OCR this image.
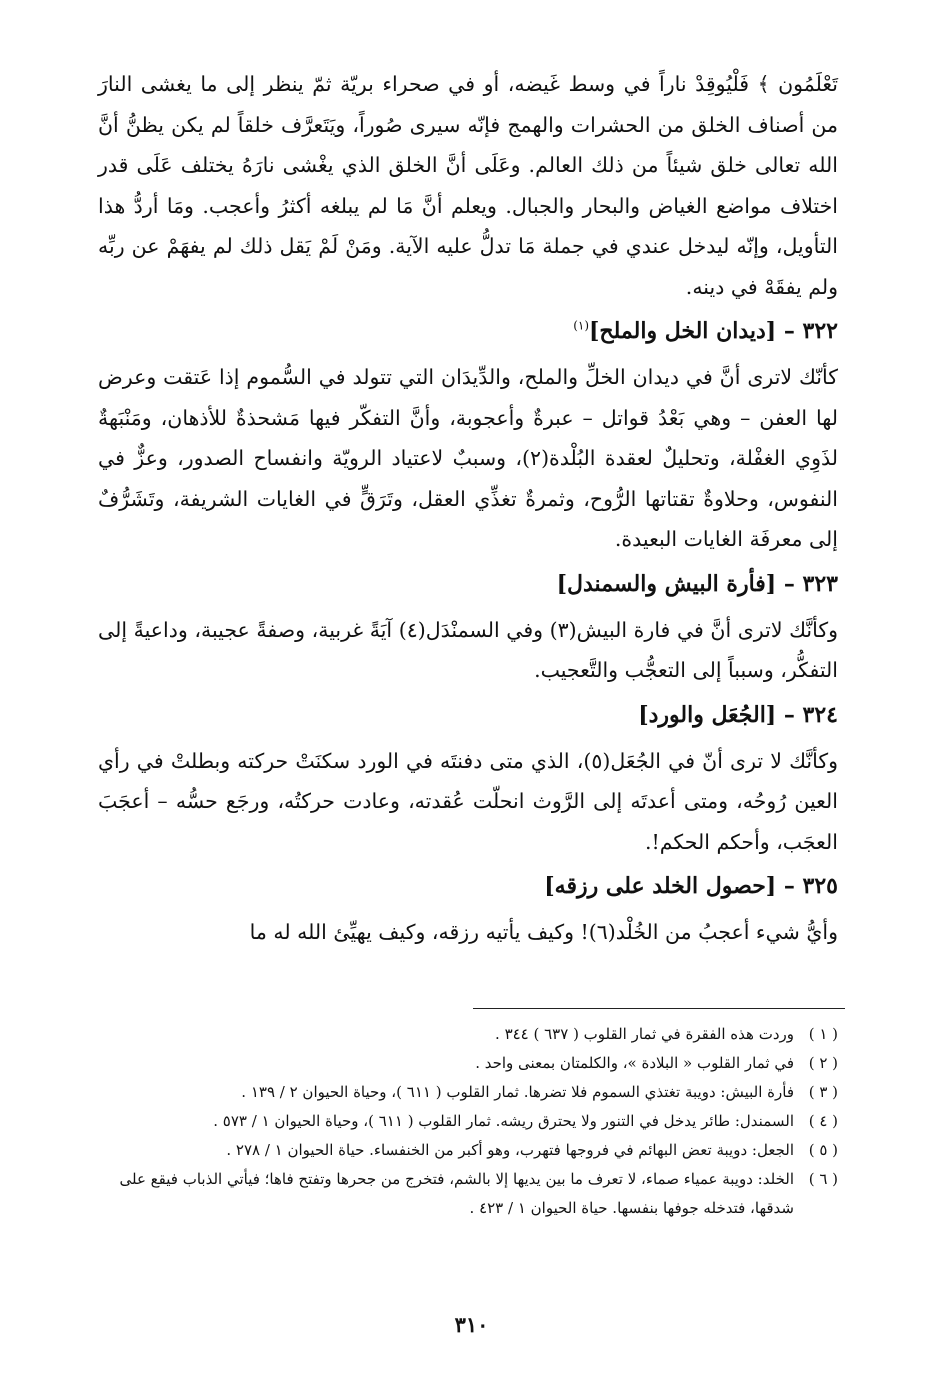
تَعْلَمُون ﴾ فَلْيُوقِدْ ناراً في وسط غَيضه، أو في صحراء بريّة ثمّ ينظر إلى ما يغشى النارَ من أصناف الخلق من الحشرات والهمج فإنّه سيرى صُوراً، ويَتَعرَّف خلقاً لم يكن يظنُّ أنَّ الله تعالى خلق شيئاً من ذلك العالم. وعَلَى أنَّ الخلق الذي يغْشى نارَهُ يختلف عَلَى قدر اختلاف مواضع الغياض والبحار والجبال. ويعلم أنَّ مَا لم يبلغه أكثرُ وأعجب. ومَا أردُّ هذا التأويل، وإنّه ليدخل عندي في جملة مَا تدلُّ عليه الآية. ومَنْ لَمْ يَقل ذلك لم يفهَمْ عن ربِّه ولم يفقَهْ في دينه.

٣٢٢ – [ديدان الخل والملح]$^{(١)}$

كأنّك لاترى أنَّ في ديدان الخلِّ والملح، والدِّيدَان التي تتولد في السُّموم إذا عَتقت وعرض لها العفن – وهي بَعْدُ قواتل – عبرةٌ وأعجوبة، وأنَّ التفكّر فيها مَشحذةٌ للأذهان، ومَنْبَهةٌ لذَوِي الغفْلة، وتحليلٌ لعقدة البُلْدة(٢)، وسببٌ لاعتياد الرويّة وانفساح الصدور، وعزٌّ في النفوس، وحلاوةٌ تقتاتها الرُّوح، وثمرةٌ تغذِّي العقل، وتَرَقٍّ في الغايات الشريفة، وتَشَرُّفٌ إلى معرفَة الغايات البعيدة.

٣٢٣ – [فأرة البيش والسمندل]

وكأنَّك لاترى أنَّ في فارة البيش(٣) وفي السمنْدَل(٤) آيَةً غربية، وصفةً عجيبة، وداعيةً إلى التفكُّر، وسبباً إلى التعجُّب والتَّعجيب.

٣٢٤ – [الجُعَل والورد]

وكأنَّك لا ترى أنّ في الجُعَل(٥)، الذي متى دفنتَه في الورد سكنَتْ حركته وبطلتْ في رأي العين رُوحُه، ومتى أعدتَه إلى الرَّوث انحلّت عُقدته، وعادت حركتُه، ورجَع حسُّه – أعجَبَ العجَب، وأحكم الحكم!.

٣٢٥ – [حصول الخلد على رزقه]

وأيُّ شيء أعجبُ من الخُلْد(٦)! وكيف يأتيه رزقه، وكيف يهيِّئ الله له ما

( ١ )
وردت هذه الفقرة في ثمار القلوب ( ٦٣٧ ) ٣٤٤ .
( ٢ )
في ثمار القلوب « البلادة »، والكلمتان بمعنى واحد .
( ٣ )
فأرة البيش: دويبة تغتذي السموم فلا تضرها. ثمار القلوب ( ٦١١ )، وحياة الحيوان ٢ / ١٣٩ .
( ٤ )
السمندل: طائر يدخل في التنور ولا يحترق ريشه. ثمار القلوب ( ٦١١ )، وحياة الحيوان ١ / ٥٧٣ .
( ٥ )
الجعل: دويبة تعض البهائم في فروجها فتهرب، وهو أكبر من الخنفساء. حياة الحيوان ١ / ٢٧٨ .
( ٦ )
الخلد: دويبة عمياء صماء، لا تعرف ما بين يديها إلا بالشم، فتخرج من جحرها وتفتح فاها؛ فيأتي الذباب فيقع على شدقها، فتدخله جوفها بنفسها. حياة الحيوان ١ / ٤٢٣ .
٣١٠
